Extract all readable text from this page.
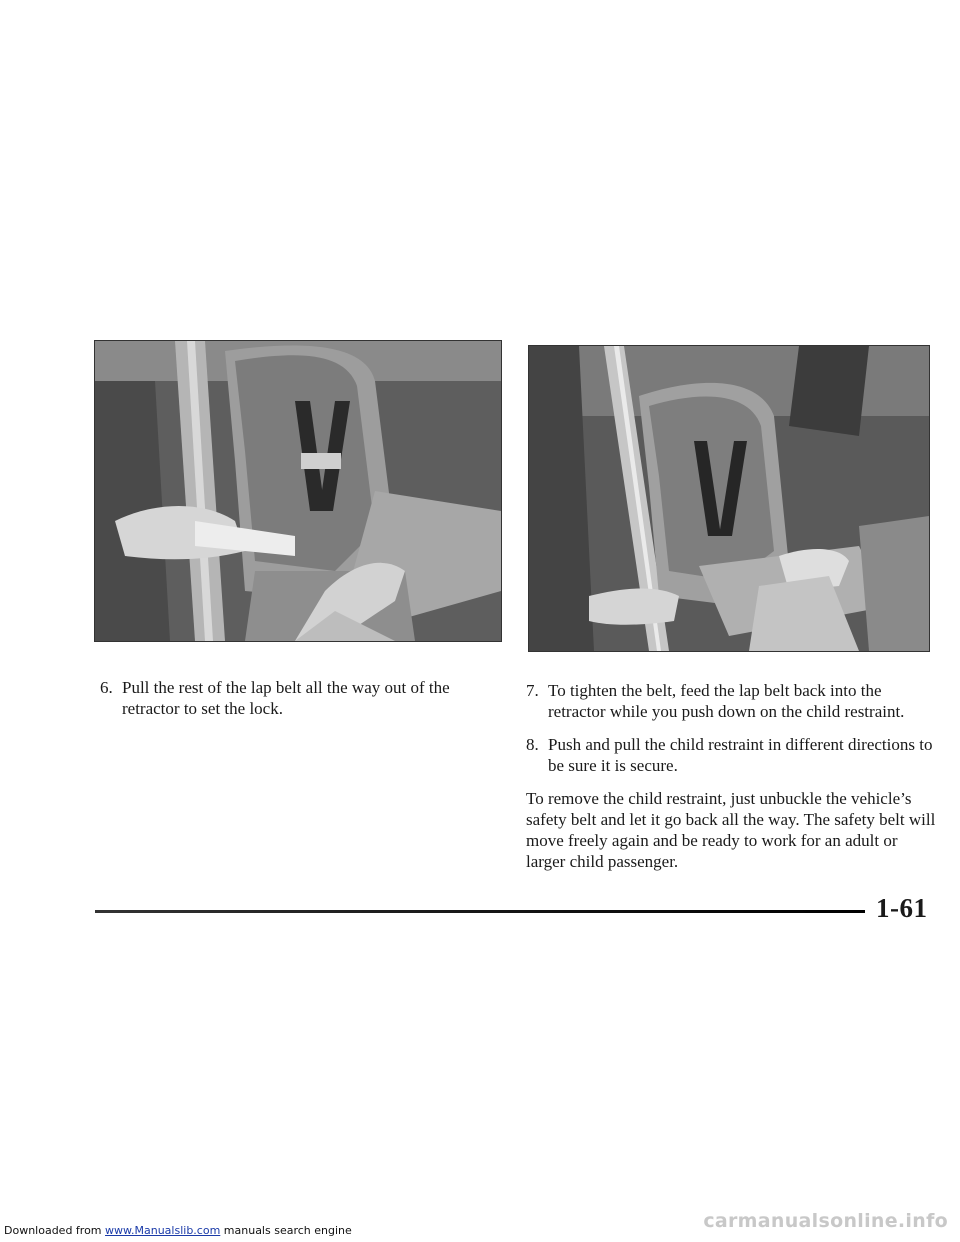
6. Pull the rest of the lap belt all the way out of the retractor to set the lock.
7. To tighten the belt, feed the lap belt back into the retractor while you push down on the child restraint.
8. Push and pull the child restraint in different directions to be sure it is secure.
To remove the child restraint, just unbuckle the vehicle’s safety belt and let it go back all the way. The safety belt will move freely again and be ready to work for an adult or larger child passenger.
1-61
Downloaded from www.Manualslib.com manuals search engine	carmanualsonline.info
